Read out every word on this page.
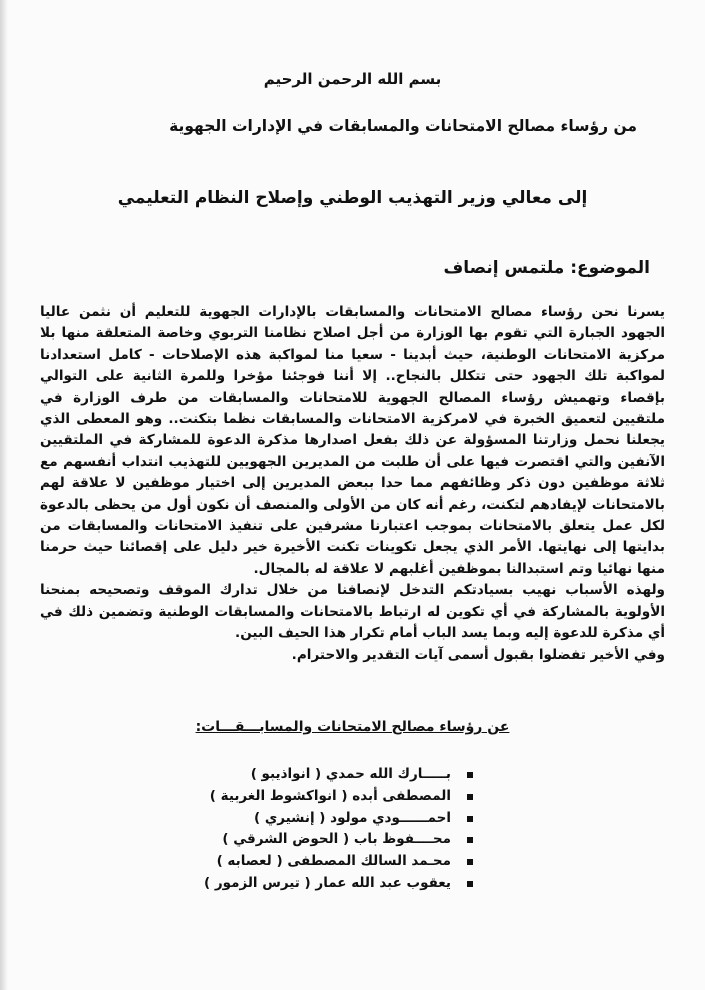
بسم الله الرحمن الرحيم
من رؤساء مصالح الامتحانات والمسابقات في الإدارات الجهوية
إلى معالي وزير التهذيب الوطني وإصلاح النظام التعليمي
الموضوع: ملتمس إنصاف

يسرنا نحن رؤساء مصالح الامتحانات والمسابقات بالإدارات الجهوية للتعليم أن نثمن عاليا الجهود الجبارة التي تقوم بها الوزارة من أجل اصلاح نظامنا التربوي وخاصة المتعلقة منها بلا مركزية الامتحانات الوطنية، حيث أبدينا - سعيا منا لمواكبة هذه الإصلاحات - كامل استعدادنا لمواكبة تلك الجهود حتى تتكلل بالنجاح.. إلا أننا فوجئنا مؤخرا وللمرة الثانية على التوالي بإقصاء وتهميش رؤساء المصالح الجهوية للامتحانات والمسابقات من طرف الوزارة في ملتقيين لتعميق الخبرة في لامركزية الامتحانات والمسابقات نظما بتكنت.. وهو المعطى الذي يجعلنا نحمل وزارتنا المسؤولة عن ذلك بفعل اصدارها مذكرة الدعوة للمشاركة في الملتقيين الآنفين والتي اقتصرت فيها على أن طلبت من المديرين الجهويين للتهذيب انتداب أنفسهم مع ثلاثة موظفين دون ذكر وظائفهم مما حدا ببعض المديرين إلى اختيار موظفين لا علاقة لهم بالامتحانات لإيفادهم لتكنت، رغم أنه كان من الأولى والمنصف أن نكون أول من يحظى بالدعوة لكل عمل يتعلق بالامتحانات بموجب اعتبارنا مشرفين على تنفيذ الامتحانات والمسابقات من بدايتها إلى نهايتها. الأمر الذي يجعل تكوينات تكنت الأخيرة خير دليل على إقصائنا حيث حرمنا منها نهائيا وتم استبدالنا بموظفين أغلبهم لا علاقة له بالمجال.

ولهذه الأسباب نهيب بسيادتكم التدخل لإنصافنا من خلال تدارك الموقف وتصحيحه بمنحنا الأولوية بالمشاركة في أي تكوين له ارتباط بالامتحانات والمسابقات الوطنية وتضمين ذلك في أي مذكرة للدعوة إليه وبما يسد الباب أمام تكرار هذا الحيف البين.

وفي الأخير تفضلوا بقبول أسمى آيات التقدير والاحترام.

عن رؤساء مصالح الامتحانات والمسابـــقـــات:
بـــــارك الله حمدي ( انواذيبو )
المصطفى أبده ( انواكشوط الغربية )
احمــــــودي مولود ( إنشيري )
محــــفوظ باب ( الحوض الشرقي )
محـمد السالك المصطفى ( لعصابه )
يعقوب عبد الله عمار ( تيرس الزمور )
